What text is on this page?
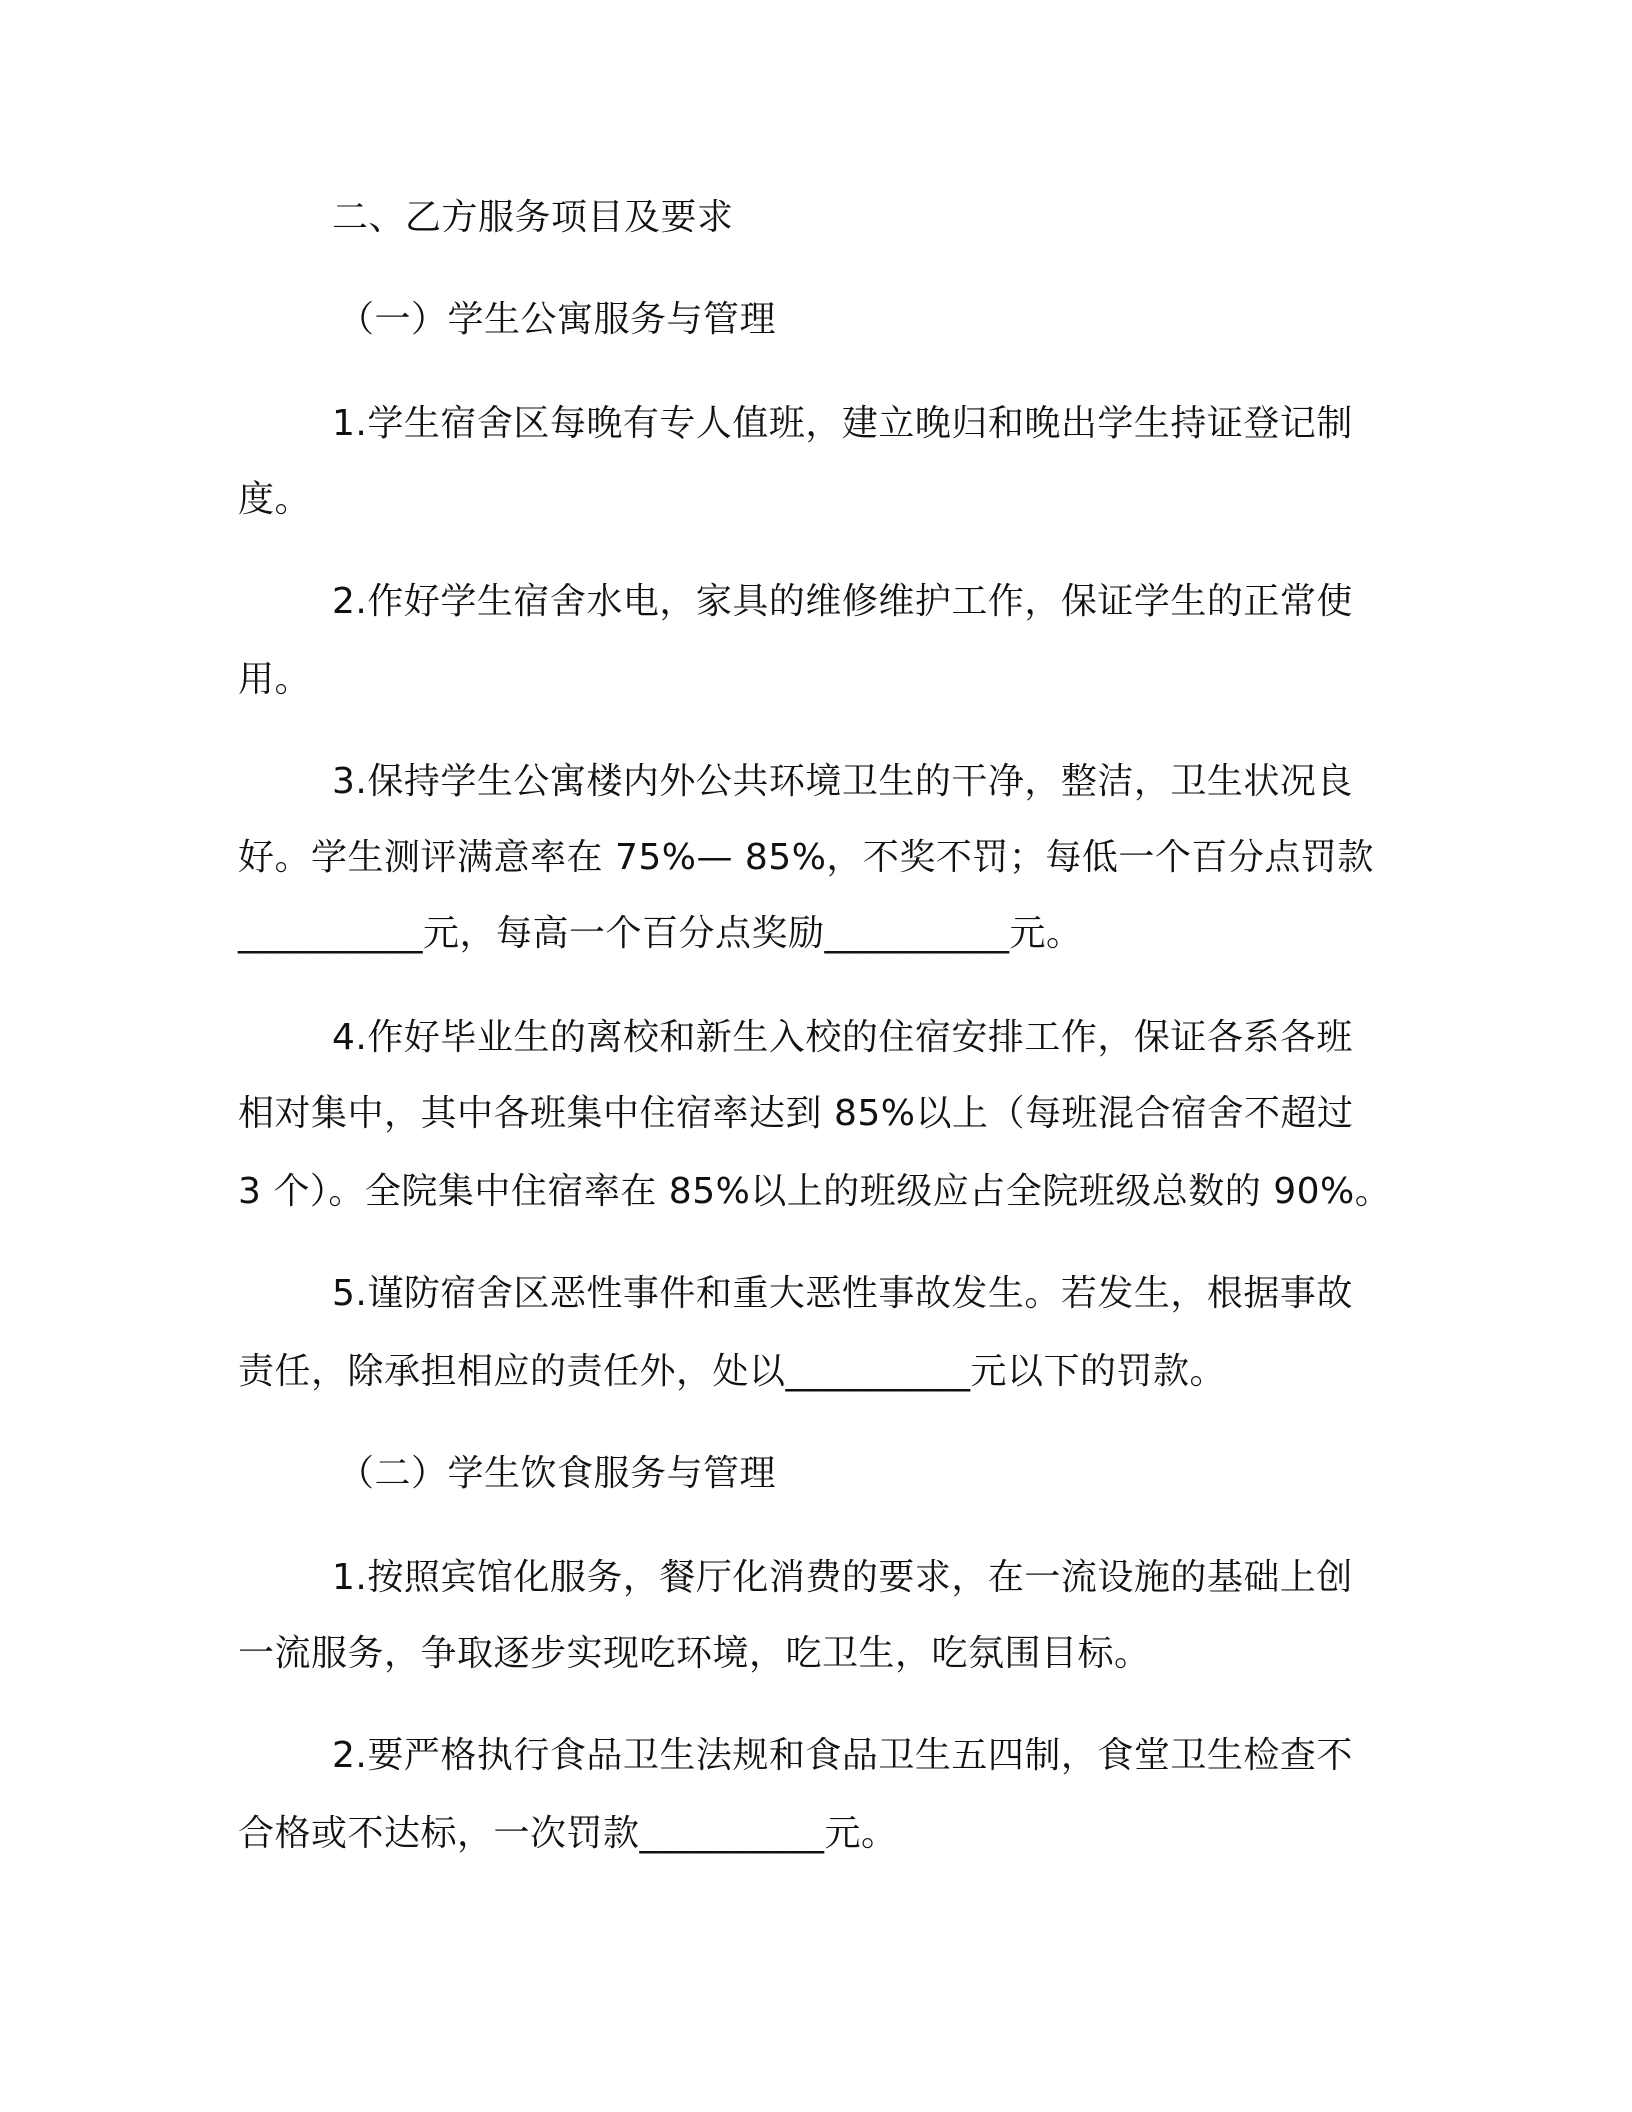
二、乙方服务项目及要求
（一）学生公寓服务与管理
1.学生宿舍区每晚有专人值班，建立晚归和晚出学生持证登记制
度。
2.作好学生宿舍水电，家具的维修维护工作，保证学生的正常使
用。
3.保持学生公寓楼内外公共环境卫生的干净，整洁，卫生状况良
好。学生测评满意率在 75%— 85%，不奖不罚；每低一个百分点罚款
__________元，每高一个百分点奖励__________元。
4.作好毕业生的离校和新生入校的住宿安排工作，保证各系各班
相对集中，其中各班集中住宿率达到 85%以上（每班混合宿舍不超过
3 个）。全院集中住宿率在 85%以上的班级应占全院班级总数的 90%。
5.谨防宿舍区恶性事件和重大恶性事故发生。若发生，根据事故
责任，除承担相应的责任外，处以__________元以下的罚款。
（二）学生饮食服务与管理
1.按照宾馆化服务，餐厅化消费的要求，在一流设施的基础上创
一流服务，争取逐步实现吃环境，吃卫生，吃氛围目标。
2.要严格执行食品卫生法规和食品卫生五四制，食堂卫生检查不
合格或不达标，一次罚款__________元。
